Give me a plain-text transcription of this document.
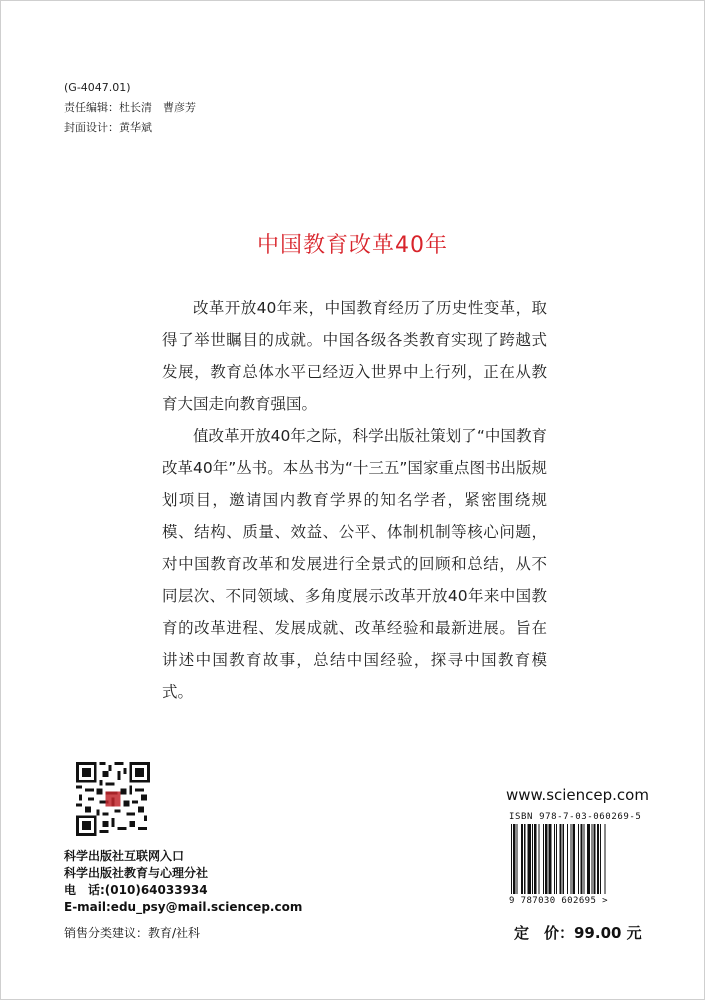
(G-4047.01)
责任编辑：杜长清　曹彦芳
封面设计：黄华斌
中国教育改革40年

改革开放40年来，中国教育经历了历史性变革，取得了举世瞩目的成就。中国各级各类教育实现了跨越式发展，教育总体水平已经迈入世界中上行列，正在从教育大国走向教育强国。

值改革开放40年之际，科学出版社策划了“中国教育改革40年”丛书。本丛书为“十三五”国家重点图书出版规划项目，邀请国内教育学界的知名学者，紧密围绕规模、结构、质量、效益、公平、体制机制等核心问题，对中国教育改革和发展进行全景式的回顾和总结，从不同层次、不同领域、多角度展示改革开放40年来中国教育的改革进程、发展成就、改革经验和最新进展。旨在讲述中国教育故事，总结中国经验，探寻中国教育模式。

科学出版社互联网入口
科学出版社教育与心理分社
电　话:(010)64033934
E-mail:edu_psy@mail.sciencep.com
销售分类建议：教育/社科
www.sciencep.com
ISBN 978-7-03-060269-5
9 787030 602695 >
定　价：99.00 元
